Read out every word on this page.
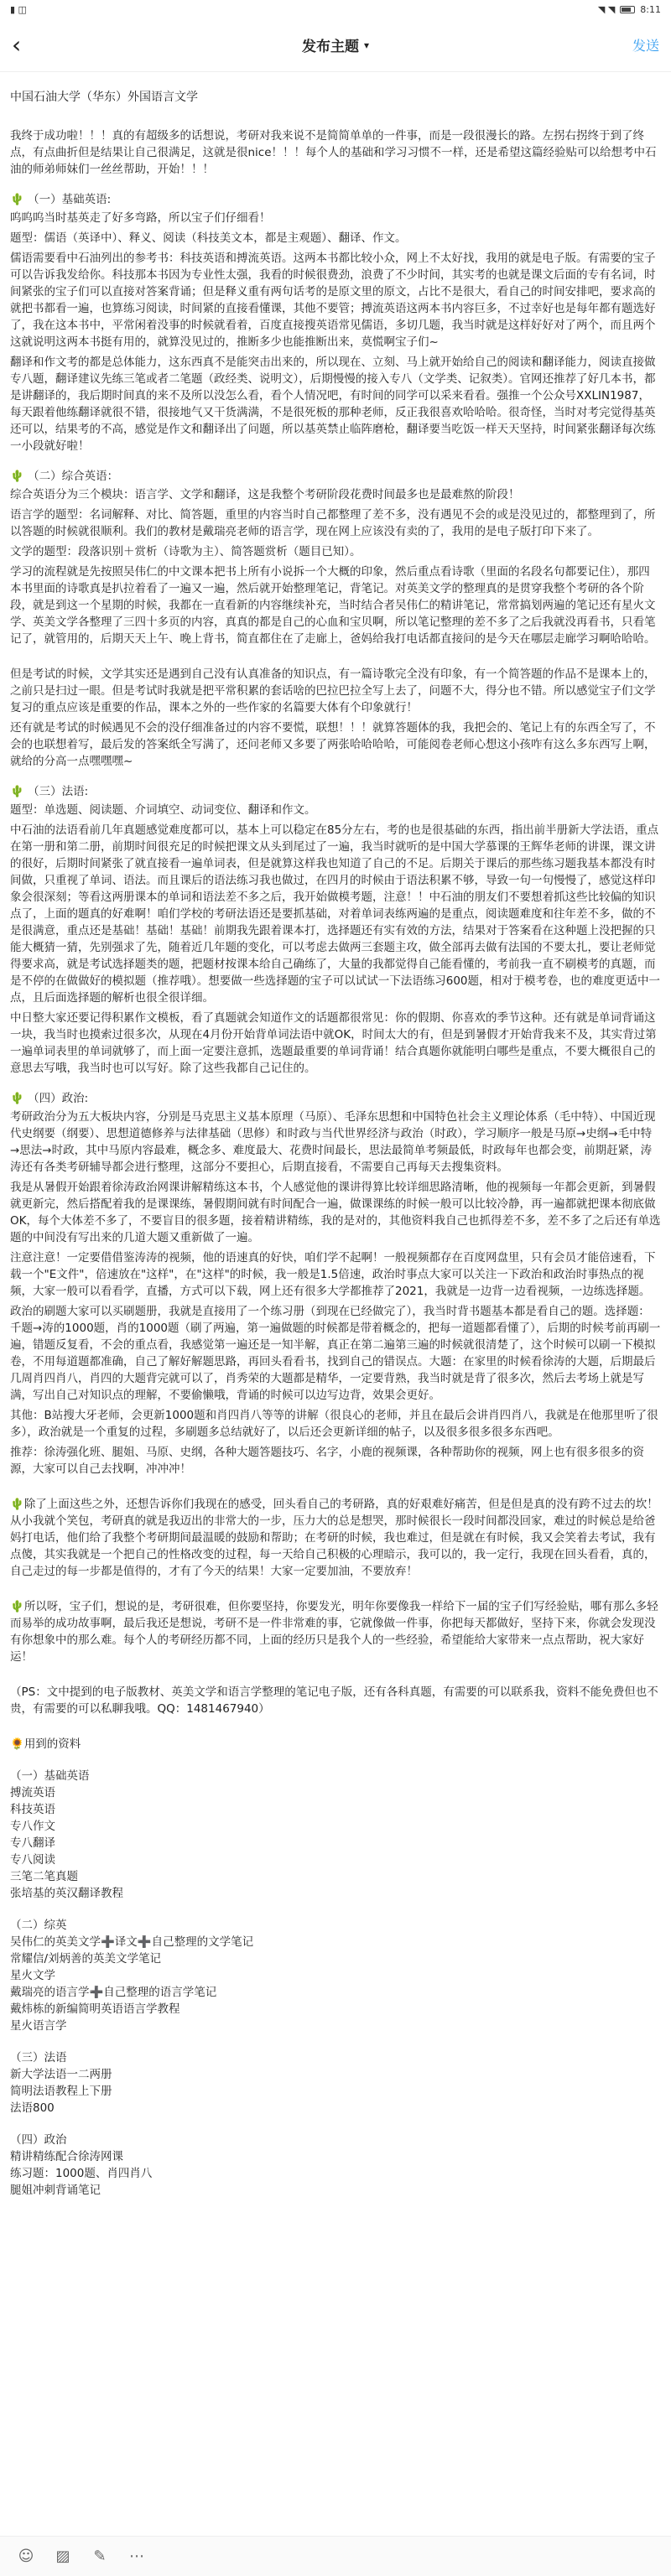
▮ ◫	◥ ◥	8:11
‹	发布主题 ▾	发送
中国石油大学（华东）外国语言文学

我终于成功啦！！！真的有超级多的话想说，考研对我来说不是简简单单的一件事，而是一段很漫长的路。左拐右拐终于到了终点，有点曲折但是结果让自己很满足，这就是很nice！！！每个人的基础和学习习惯不一样，还是希望这篇经验贴可以给想考中石油的师弟师妹们一丝丝帮助，开始！！！

🌵 （一）基础英语:

呜呜呜当时基英走了好多弯路，所以宝子们仔细看！

题型：儒语（英译中）、释义、阅读（科技美文本，都是主观题）、翻译、作文。

儒语需要看中石油列出的参考书：科技英语和搏流英语。这两本书都比较小众，网上不太好找，我用的就是电子版。有需要的宝子可以告诉我发给你。科技那本书因为专业性太强，我看的时候很费劲，浪费了不少时间，其实考的也就是课文后面的专有名词，时间紧张的宝子们可以直接对答案背诵；但是释义重有两句话考的是原文里的原文，占比不是很大，看自己的时间安排吧，要求高的就把书都看一遍，也算练习阅读，时间紧的直接看懂课，其他不要管；搏流英语这两本书内容巨多，不过幸好也是每年都有题选好了，我在这本书中，平常闲着没事的时候就看着，百度直接搜英语常见儒语，多切几题，我当时就是这样好好对了两个，而且两个这就说明这两本书挺有用的，就算没见过的，推断多少也能推断出来，莫慌啊宝子们~

翻译和作文考的都是总体能力，这东西真不是能突击出来的，所以现在、立刻、马上就开始给自己的阅读和翻译能力，阅读直接做专八题，翻译建议先练三笔或者二笔题（政经类、说明文），后期慢慢的接入专八（文学类、记叙类）。官网还推荐了好几本书，都是讲翻译的，我后期时间真的来不及所以没怎么看，看个人情况吧，有时间的同学可以采来看看。强推一个公众号XXLIN1987，每天跟着他练翻译就很不错，很接地气又干货满满，不是很死板的那种老师，反正我很喜欢哈哈哈。很奇怪，当时对考完觉得基英还可以，结果考的不高，感觉是作文和翻译出了问题，所以基英禁止临阵磨枪，翻译要当吃饭一样天天坚持，时间紧张翻译每次练一小段就好啦！

🌵 （二）综合英语：

综合英语分为三个模块：语言学、文学和翻译，这是我整个考研阶段花费时间最多也是最难熬的阶段！

语言学的题型：名词解释、对比、简答题，重里的内容当时自己都整理了差不多，没有遇见不会的或是没见过的，都整理到了，所以答题的时候就很顺利。我们的教材是戴瑞亮老师的语言学，现在网上应该没有卖的了，我用的是电子版打印下来了。

文学的题型：段落识别＋赏析（诗歌为主）、简答题赏析（题目已知）。

学习的流程就是先按照吴伟仁的中文课本把书上所有小说拆一个大概的印象，然后重点看诗歌（里面的名段名句都要记住），那四本书里面的诗歌真是扒拉着看了一遍又一遍，然后就开始整理笔记，背笔记。对英美文学的整理真的是贯穿我整个考研的各个阶段，就是到这一个星期的时候，我都在一直看新的内容继续补充，当时结合者吴伟仁的精讲笔记，常常搞划两遍的笔记还有星火文学、英美文学各整理了三四十多页的内容，真真的都是自己的心血和宝贝啊，所以笔记整理的差不多了之后我就没再看书，只看笔记了，就管用的，后期天天上午、晚上背书，简直都住在了走廊上，爸妈给我打电话都直接问的是今天在哪层走廊学习啊哈哈哈。

但是考试的时候，文学其实还是遇到自己没有认真准备的知识点，有一篇诗歌完全没有印象，有一个简答题的作品不是课本上的，之前只是扫过一眼。但是考试时我就是把平常积累的套话啥的巴拉巴拉全写上去了，问题不大，得分也不错。所以感觉宝子们文学复习的重点应该是重要的作品，课本之外的一些作家的名篇要大体有个印象就行！

还有就是考试的时候遇见不会的没仔细准备过的内容不要慌，联想！！！就算答题体的我，我把会的、笔记上有的东西全写了，不会的也联想着写，最后发的答案纸全写满了，还问老师又多要了两张哈哈哈哈，可能阅卷老师心想这小孩咋有这么多东西写上啊，就给的分高一点嘿嘿嘿~

🌵 （三）法语:

题型：单选题、阅读题、介词填空、动词变位、翻译和作文。

中石油的法语看前几年真题感觉难度都可以，基本上可以稳定在85分左右，考的也是很基础的东西，指出前半册新大学法语，重点在第一册和第二册，前期时间很充足的时候把课文从头到尾过了一遍，我当时就听的是中国大学慕课的王辉华老师的讲课，课文讲的很好，后期时间紧张了就直接看一遍单词表，但是就算这样我也知道了自己的不足。后期关于课后的那些练习题我基本都没有时间做，只重视了单词、语法。而且课后的语法练习我也做过，在四月的时候由于语法积累不够，导致一句一句慢慢了，感觉这样印象会很深刻；等看这两册课本的单词和语法差不多之后，我开始做模考题，注意！！中石油的朋友们不要想着抓这些比较偏的知识点了，上面的题真的好难啊！咱们学校的考研法语还是要抓基础，对着单词表练两遍的是重点，阅读题难度和往年差不多，做的不是很满意，重点还是基础！基础！基础！前期我先跟着课本打，选择题还有实有效的方法，结果对于答案看在这种题上没把握的只能大概猜一猜，先别强求了先，随着近几年题的变化，可以考虑去做两三套题主攻，做全部再去做有法国的不要太扎，要让老师觉得要求高，就是考试选择题类的题，把题材按课本给自己确练了，大量的我都觉得自己能看懂的，考前我一直不刷模考的真题，而是不停的在做做好的模拟题（推荐哦）。想要做一些选择题的宝子可以试试一下法语练习600题，相对于模考卷，也的难度更适中一点，且后面选择题的解析也很全很详细。

中日整大家还要记得积累作文模板，看了真题就会知道作文的话题都很常见：你的假期、你喜欢的季节这种。还有就是单词背诵这一块，我当时也摸索过很多次，从现在4月份开始背单词法语中就OK，时间太大的有，但是到暑假才开始背我来不及，其实背过第一遍单词表里的单词就够了，而上面一定要注意抓，选题最重要的单词背诵！结合真题你就能明白哪些是重点，不要大概很自己的意思去写哦，我当时也可以写好。除了这些我都自己记住的。

🌵 （四）政治:

考研政治分为五大板块内容，分别是马克思主义基本原理（马原）、毛泽东思想和中国特色社会主义理论体系（毛中特）、中国近现代史纲要（纲要）、思想道德修养与法律基础（思修）和时政与当代世界经济与政治（时政），学习顺序一般是马原→史纲→毛中特→思法→时政，其中马原内容最难，概念多、难度最大、花费时间最长，思法最简单考频最低，时政每年也都会变，前期赶紧，涛涛还有各类考研辅导都会进行整理，这部分不要担心，后期直接看，不需要自己再每天去搜集资料。

我是从暑假开始跟着徐涛政治网课讲解精练这本书，个人感觉他的课讲得算比较详细思路清晰，他的视频每一年都会更新，到暑假就更新完，然后搭配着我的是课课练，暑假期间就有时间配合一遍，做课课练的时候一般可以比较冷静，再一遍都就把课本彻底做OK，每个大体差不多了，不要盲目的很多题，接着精讲精练，我的是对的，其他资料我自己也抓得差不多，差不多了之后还有单选题的中间没有写出来的几道大题又重新做了一遍。

注意注意！一定要借借鉴涛涛的视频，他的语速真的好快，咱们学不起啊！一般视频都存在百度网盘里，只有会员才能倍速看，下载一个"E文件"，倍速放在"这样"，在"这样"的时候，我一般是1.5倍速，政治时事点大家可以关注一下政治和政治时事热点的视频，大家一般可以看看学，直播，方式可以下载，网上还有很多大学都推荐了2021，我就是一边背一边看视频，一边练选择题。

政治的刷题大家可以买刷题册，我就是直接用了一个练习册（到现在已经做完了），我当时背书题基本都是看自己的题。选择题：千题→涛的1000题，肖的1000题（刷了两遍，第一遍做题的时候都是带着概念的，把每一道题都看懂了），后期的时候考前再刷一遍，错题反复看，不会的重点看，我感觉第一遍还是一知半解，真正在第二遍第三遍的时候就很清楚了，这个时候可以刷一下模拟卷，不用每道题都准确，自己了解好解题思路，再回头看看书，找到自己的错误点。大题：在家里的时候看徐涛的大题，后期最后几周肖四肖八，肖四的大题背完就可以了，肖秀荣的大题都是精华，一定要背熟，我当时就是背了很多次，然后去考场上就是写满，写出自己对知识点的理解，不要偷懒哦，背诵的时候可以边写边背，效果会更好。

其他：B站搜大牙老师，会更新1000题和肖四肖八等等的讲解（很良心的老师，并且在最后会讲肖四肖八，我就是在他那里听了很多），政治就是一个重复的过程，多刷题多总结就好了，以后还会更新详细的帖子，以及很多很多很多东西吧。

推荐：徐涛强化班、腿姐、马原、史纲，各种大题答题技巧、名字，小鹿的视频课，各种帮助你的视频，网上也有很多很多的资源，大家可以自己去找啊，冲冲冲！

🌵除了上面这些之外，还想告诉你们我现在的感受，回头看自己的考研路，真的好艰难好痛苦，但是但是真的没有跨不过去的坎！从小我就个笑包，考研真的就是我迈出的非常大的一步，压力大的总是想哭，那时候很长一段时间都没回家，难过的时候总是给爸妈打电话，他们给了我整个考研期间最温暖的鼓励和帮助；在考研的时候，我也难过，但是就在有时候，我又会笑着去考试，我有点傻，其实我就是一个把自己的性格改变的过程，每一天给自己积极的心理暗示，我可以的，我一定行，我现在回头看看，真的，自己走过的每一步都是值得的，才有了今天的结果！大家一定要加油，不要放弃！

🌵所以呀，宝子们，想说的是，考研很难，但你要坚持，你要发光，明年你要像我一样给下一届的宝子们写经验贴，哪有那么多轻而易举的成功故事啊，最后我还是想说，考研不是一件非常难的事，它就像做一件事，你把每天都做好，坚持下来，你就会发现没有你想象中的那么难。每个人的考研经历都不同，上面的经历只是我个人的一些经验，希望能给大家带来一点点帮助，祝大家好运！

（PS：文中提到的电子版教材、英美文学和语言学整理的笔记电子版，还有各科真题，有需要的可以联系我，资料不能免费但也不贵，有需要的可以私聊我哦。QQ：1481467940）

🌻用到的资料
（一）基础英语
搏流英语
科技英语
专八作文
专八翻译
专八阅读
三笔二笔真题
张培基的英汉翻译教程
（二）综英
吴伟仁的英美文学➕译文➕自己整理的文学笔记
常耀信/刘炳善的英美文学笔记
星火文学
戴瑞亮的语言学➕自己整理的语言学笔记
戴炜栋的新编简明英语语言学教程
星火语言学
（三）法语
新大学法语一二两册
简明法语教程上下册
法语800
（四）政治
精讲精练配合徐涛网课
练习题：1000题、肖四肖八
腿姐冲刺背诵笔记
☺ ▨ ✎ ⋯
